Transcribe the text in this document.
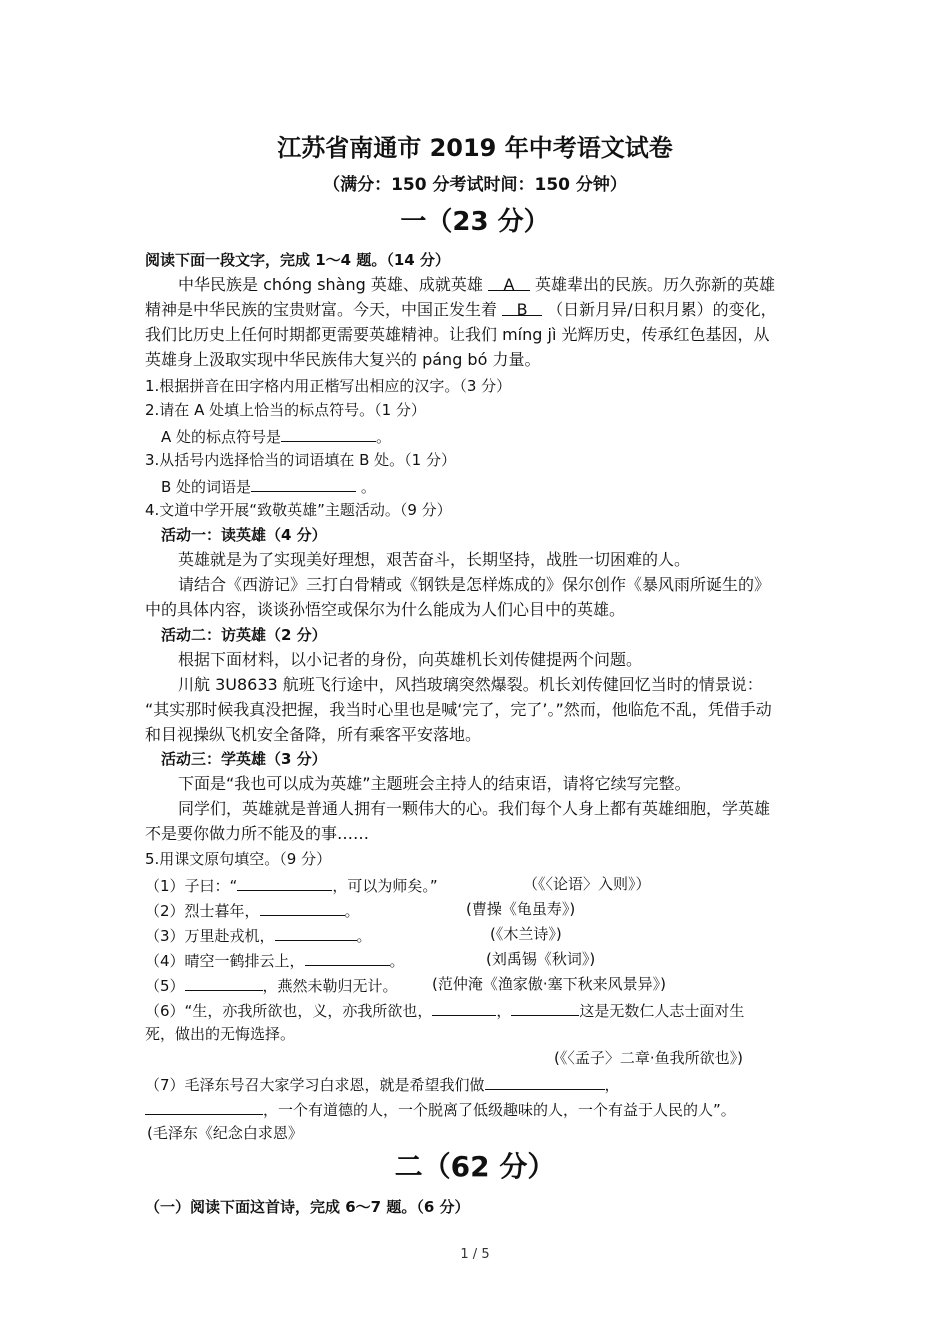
江苏省南通市 2019 年中考语文试卷
（满分：150 分考试时间：150 分钟）
一（23 分）
阅读下面一段文字，完成 1～4 题。（14 分）
中华民族是 chóng shàng 英雄、成就英雄 A 英雄辈出的民族。历久弥新的英雄
精神是中华民族的宝贵财富。今天，中国正发生着 B （日新月异/日积月累）的变化，
我们比历史上任何时期都更需要英雄精神。让我们 míng jì 光辉历史，传承红色基因，从
英雄身上汲取实现中华民族伟大复兴的 páng bó 力量。
1.根据拼音在田字格内用正楷写出相应的汉字。（3 分）
2.请在 A 处填上恰当的标点符号。（1 分）
A 处的标点符号是	。
3.从括号内选择恰当的词语填在 B 处。（1 分）
B 处的词语是	。
4.文道中学开展“致敬英雄”主题活动。（9 分）
活动一：读英雄（4 分）
英雄就是为了实现美好理想，艰苦奋斗，长期坚持，战胜一切困难的人。
请结合《西游记》三打白骨精或《钢铁是怎样炼成的》保尔创作《暴风雨所诞生的》
中的具体内容，谈谈孙悟空或保尔为什么能成为人们心目中的英雄。
活动二：访英雄（2 分）
根据下面材料，以小记者的身份，向英雄机长刘传健提两个问题。
川航 3U8633 航班飞行途中，风挡玻璃突然爆裂。机长刘传健回忆当时的情景说：
“其实那时候我真没把握，我当时心里也是喊‘完了，完了’。”然而，他临危不乱，凭借手动
和目视操纵飞机安全备降，所有乘客平安落地。
活动三：学英雄（3 分）
下面是“我也可以成为英雄”主题班会主持人的结束语，请将它续写完整。
同学们，英雄就是普通人拥有一颗伟大的心。我们每个人身上都有英雄细胞，学英雄
不是要你做力所不能及的事……
5.用课文原句填空。（9 分）
（1）子曰：“	，可以为师矣。”	（《〈论语〉入则》）
（2）烈士暮年，	。	(曹操《龟虽寿》)
（3）万里赴戎机，	。	(《木兰诗》)
（4）晴空一鹤排云上，	。	(刘禹锡《秋词》)
（5）	，燕然未勒归无计。 (范仲淹《渔家傲·塞下秋来风景异》)
（6）“生，亦我所欲也，义，亦我所欲也，	，	这是无数仁人志士面对生
死，做出的无悔选择。
(《〈孟子〉二章·鱼我所欲也》)
（7）毛泽东号召大家学习白求恩，就是希望我们做	，
，一个有道德的人，一个脱离了低级趣味的人，一个有益于人民的人”。
(毛泽东《纪念白求恩》
二（62 分）
（一）阅读下面这首诗，完成 6～7 题。（6 分）
1 / 5
